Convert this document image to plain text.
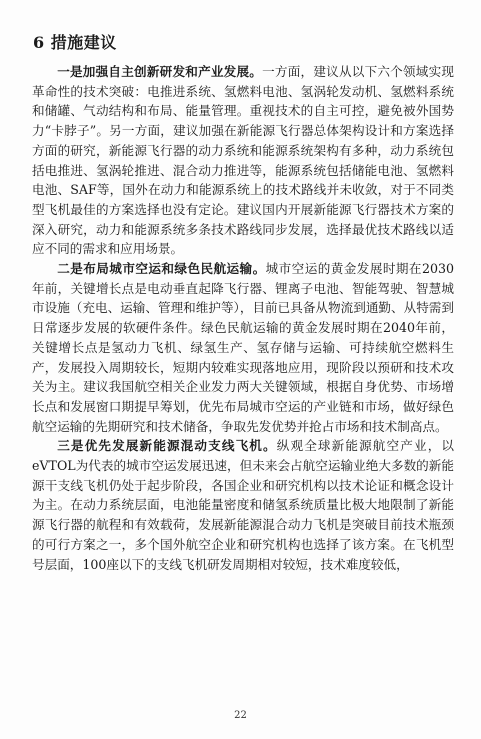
6 措施建议

一是加强自主创新研发和产业发展。一方面，建议从以下六个领域实现革命性的技术突破：电推进系统、氢燃料电池、氢涡轮发动机、氢燃料系统和储罐、气动结构和布局、能量管理。重视技术的自主可控，避免被外国势力“卡脖子”。另一方面，建议加强在新能源飞行器总体架构设计和方案选择方面的研究，新能源飞行器的动力系统和能源系统架构有多种，动力系统包括电推进、氢涡轮推进、混合动力推进等，能源系统包括储能电池、氢燃料电池、SAF等，国外在动力和能源系统上的技术路线并未收敛，对于不同类型飞机最佳的方案选择也没有定论。建议国内开展新能源飞行器技术方案的深入研究，动力和能源系统多条技术路线同步发展，选择最优技术路线以适应不同的需求和应用场景。

二是布局城市空运和绿色民航运输。城市空运的黄金发展时期在2030年前，关键增长点是电动垂直起降飞行器、锂离子电池、智能驾驶、智慧城市设施（充电、运输、管理和维护等），目前已具备从物流到通勤、从特需到日常逐步发展的软硬件条件。绿色民航运输的黄金发展时期在2040年前，关键增长点是氢动力飞机、绿氢生产、氢存储与运输、可持续航空燃料生产，发展投入周期较长，短期内较难实现落地应用，现阶段以预研和技术攻关为主。建议我国航空相关企业发力两大关键领域，根据自身优势、市场增长点和发展窗口期提早筹划，优先布局城市空运的产业链和市场，做好绿色航空运输的先期研究和技术储备，争取先发优势并抢占市场和技术制高点。

三是优先发展新能源混动支线飞机。纵观全球新能源航空产业，以eVTOL为代表的城市空运发展迅速，但未来会占航空运输业绝大多数的新能源干支线飞机仍处于起步阶段，各国企业和研究机构以技术论证和概念设计为主。在动力系统层面，电池能量密度和储氢系统质量比极大地限制了新能源飞行器的航程和有效载荷，发展新能源混合动力飞机是突破目前技术瓶颈的可行方案之一，多个国外航空企业和研究机构也选择了该方案。在飞机型号层面，100座以下的支线飞机研发周期相对较短，技术难度较低，

22
